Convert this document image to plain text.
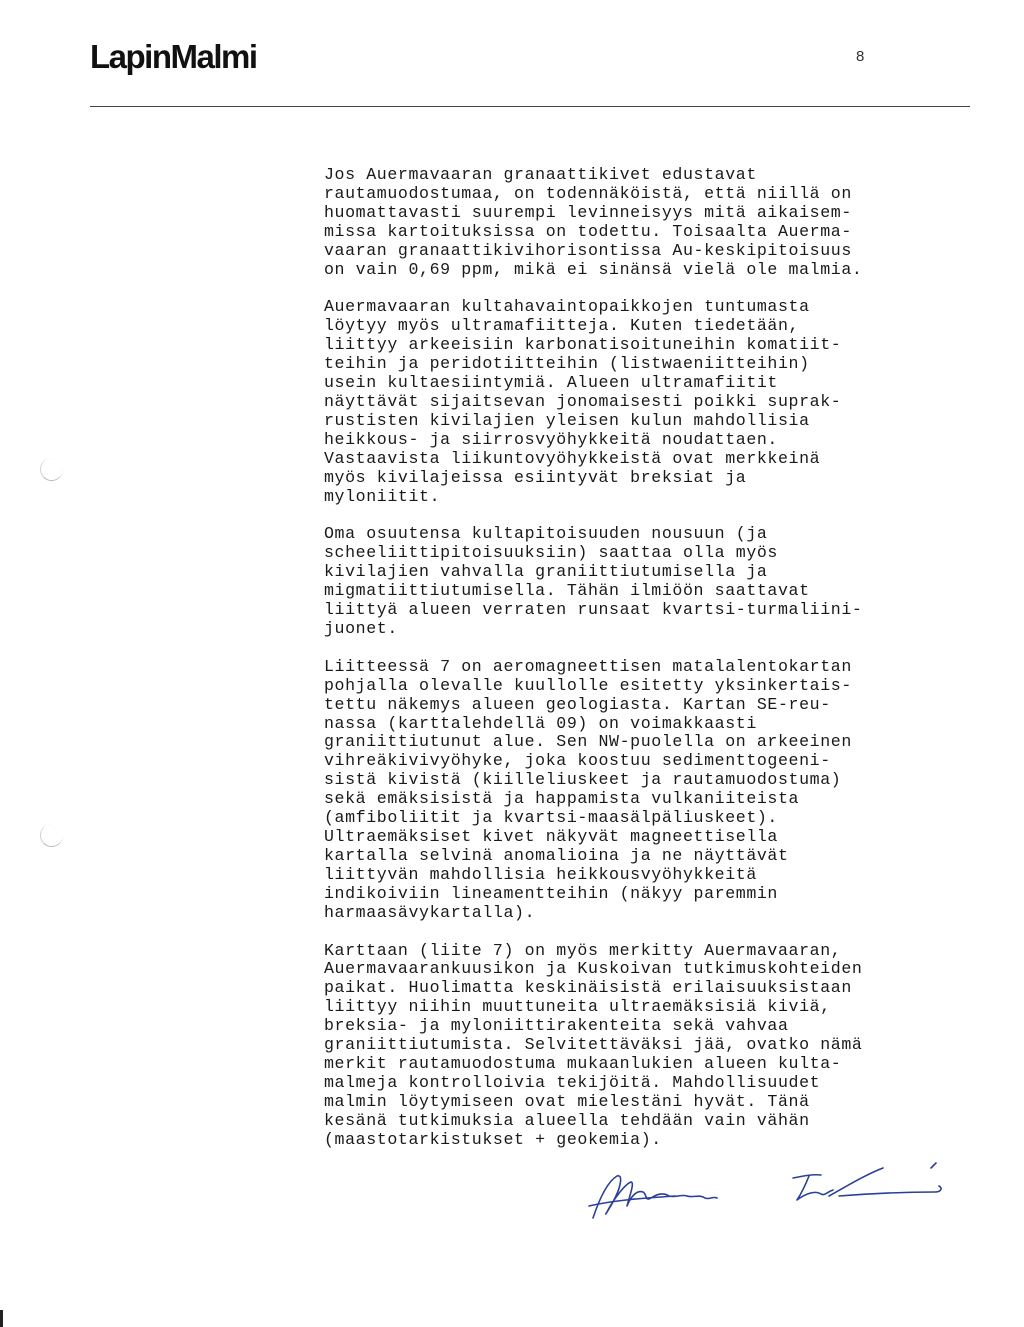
LapinMalmi	8
Jos Auermavaaran granaattikivet edustavat
rautamuodostumaa, on todennäköistä, että niillä on
huomattavasti suurempi levinneisyys mitä aikaisem-
missa kartoituksissa on todettu. Toisaalta Auerma-
vaaran granaattikivihorisontissa Au-keskipitoisuus
on vain 0,69 ppm, mikä ei sinänsä vielä ole malmia.
Auermavaaran kultahavaintopaikkojen tuntumasta
löytyy myös ultramafiitteja. Kuten tiedetään,
liittyy arkeeisiin karbonatisoituneihin komatiit-
teihin ja peridotiitteihin (listwaeniitteihin)
usein kultaesiintymiä. Alueen ultramafiitit
näyttävät sijaitsevan jonomaisesti poikki suprak-
rustisten kivilajien yleisen kulun mahdollisia
heikkous- ja siirrosvyöhykkeitä noudattaen.
Vastaavista liikuntovyöhykkeistä ovat merkkeinä
myös kivilajeissa esiintyvät breksiat ja
myloniitit.
Oma osuutensa kultapitoisuuden nousuun (ja
scheeliittipitoisuuksiin) saattaa olla myös
kivilajien vahvalla graniittiutumisella ja
migmatiittiutumisella. Tähän ilmiöön saattavat
liittyä alueen verraten runsaat kvartsi-turmaliini-
juonet.
Liitteessä 7 on aeromagneettisen matalalentokartan
pohjalla olevalle kuullolle esitetty yksinkertais-
tettu näkemys alueen geologiasta. Kartan SE-reu-
nassa (karttalehdellä 09) on voimakkaasti
graniittiutunut alue. Sen NW-puolella on arkeeinen
vihreäkivivyöhyke, joka koostuu sedimenttogeeni-
sistä kivistä (kiilleliuskeet ja rautamuodostuma)
sekä emäksisistä ja happamista vulkaniiteista
(amfiboliitit ja kvartsi-maasälpäliuskeet).
Ultraemäksiset kivet näkyvät magneettisella
kartalla selvinä anomalioina ja ne näyttävät
liittyvän mahdollisia heikkousvyöhykkeitä
indikoiviin lineamentteihin (näkyy paremmin
harmaasävykartalla).
Karttaan (liite 7) on myös merkitty Auermavaaran,
Auermavaarankuusikon ja Kuskoivan tutkimuskohteiden
paikat. Huolimatta keskinäisistä erilaisuuksistaan
liittyy niihin muuttuneita ultraemäksisiä kiviä,
breksia- ja myloniittirakenteita sekä vahvaa
graniittiutumista. Selvitettäväksi jää, ovatko nämä
merkit rautamuodostuma mukaanlukien alueen kulta-
malmeja kontrolloivia tekijöitä. Mahdollisuudet
malmin löytymiseen ovat mielestäni hyvät. Tänä
kesänä tutkimuksia alueella tehdään vain vähän
(maastotarkistukset + geokemia).
